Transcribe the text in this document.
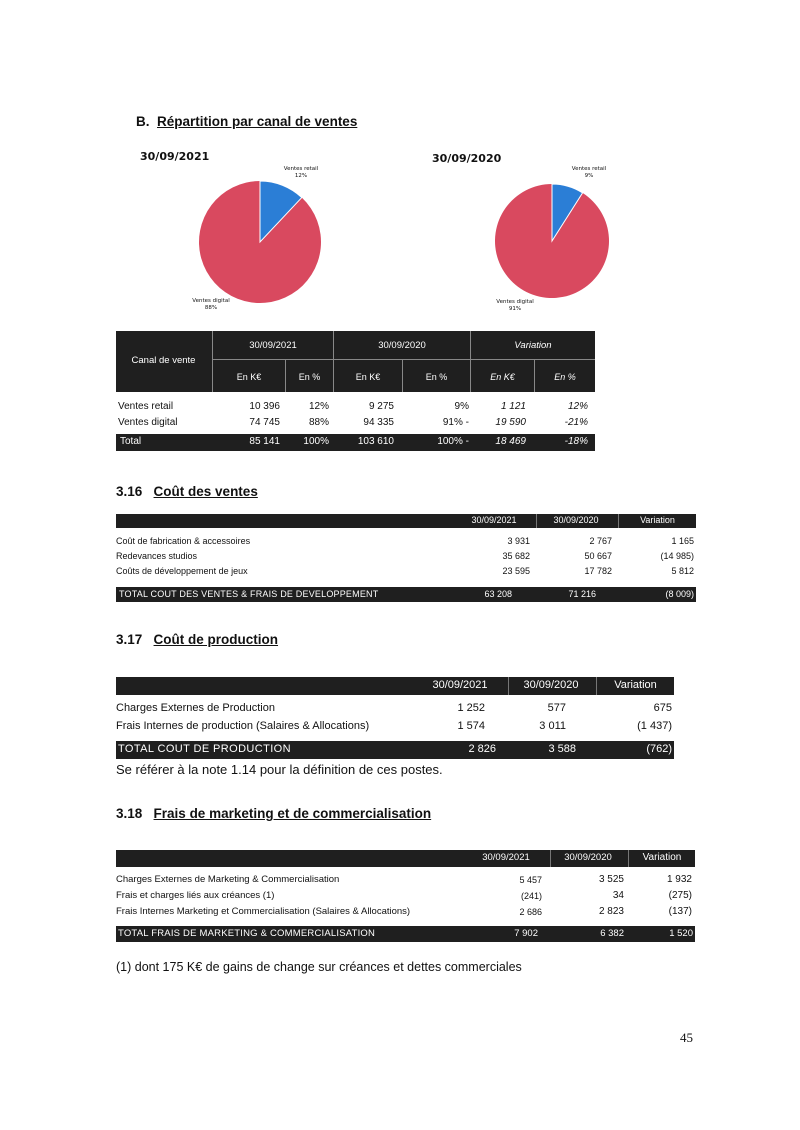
B. Répartition par canal de ventes
30/09/2021	30/09/2020
Ventes retail
12%
Ventes digital
88%
Ventes retail
9%
Ventes digital
91%
Canal de vente
30/09/2021	30/09/2020	Variation
En K€	En %	En K€	En %	En K€	En %
Ventes retail	10 396	12%	9 275	9%	1 121	12%
Ventes digital	74 745	88%	94 335	91% -	19 590	-21%
Total	85 141	100%	103 610	100% -	18 469	-18%
3.16 Coût des ventes
30/09/2021	30/09/2020	Variation
Coût de fabrication & accessoires	3 931	2 767	1 165
Redevances studios	35 682	50 667	(14 985)
Coûts de développement de jeux	23 595	17 782	5 812
TOTAL COUT DES VENTES & FRAIS DE DEVELOPPEMENT	63 208	71 216	(8 009)
3.17 Coût de production
30/09/2021	30/09/2020	Variation
Charges Externes de Production	1 252	577	675
Frais Internes de production (Salaires & Allocations)	1 574	3 011	(1 437)
TOTAL COUT DE PRODUCTION	2 826	3 588	(762)
Se référer à la note 1.14 pour la définition de ces postes.
3.18 Frais de marketing et de commercialisation
30/09/2021	30/09/2020	Variation
Charges Externes de Marketing & Commercialisation	5 457	3 525	1 932
Frais et charges liés aux créances (1)	(241)	34	(275)
Frais Internes Marketing et Commercialisation (Salaires & Allocations)	2 686	2 823	(137)
TOTAL FRAIS DE MARKETING & COMMERCIALISATION	7 902	6 382	1 520
(1) dont 175 K€ de gains de change sur créances et dettes commerciales
45
